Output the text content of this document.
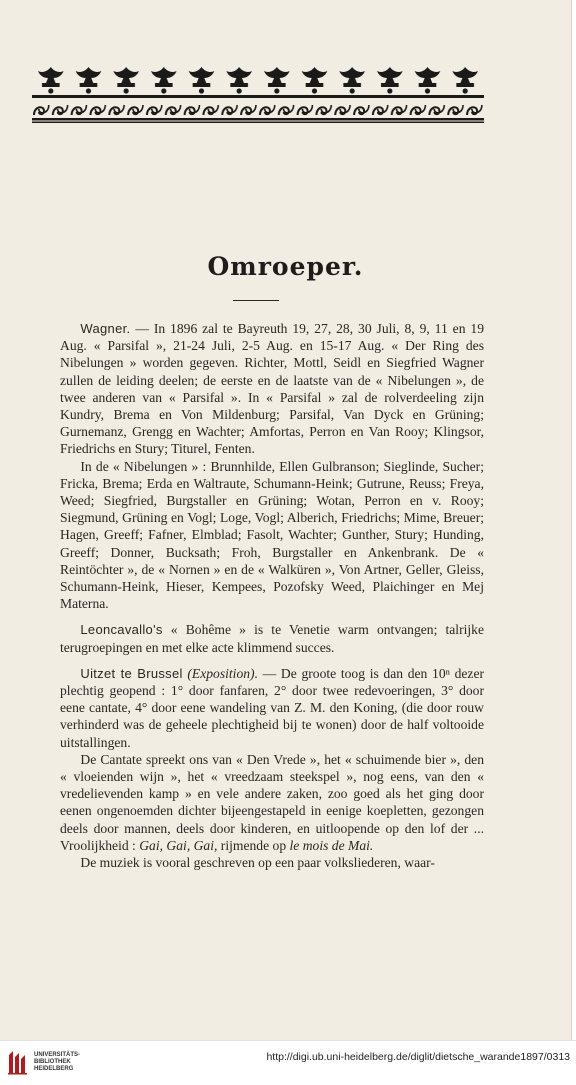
Omroeper.

Wagner. — In 1896 zal te Bayreuth 19, 27, 28, 30 Juli, 8, 9, 11 en 19 Aug. « Parsifal », 21-24 Juli, 2-5 Aug. en 15-17 Aug. « Der Ring des Nibelungen » worden gegeven. Richter, Mottl, Seidl en Siegfried Wagner zullen de leiding deelen; de eerste en de laatste van de « Nibelungen », de twee anderen van « Parsifal ». In « Parsifal » zal de rolverdeeling zijn Kundry, Brema en Von Mildenburg; Parsifal, Van Dyck en Grüning; Gurnemanz, Grengg en Wachter; Amfortas, Perron en Van Rooy; Klingsor, Friedrichs en Stury; Titurel, Fenten.

In de « Nibelungen » : Brunnhilde, Ellen Gulbranson; Sieglinde, Sucher; Fricka, Brema; Erda en Waltraute, Schumann-Heink; Gutrune, Reuss; Freya, Weed; Siegfried, Burgstaller en Grüning; Wotan, Perron en v. Rooy; Siegmund, Grüning en Vogl; Loge, Vogl; Alberich, Friedrichs; Mime, Breuer; Hagen, Greeff; Fafner, Elmblad; Fasolt, Wachter; Gunther, Stury; Hunding, Greeff; Donner, Bucksath; Froh, Burgstaller en Ankenbrank. De « Reintöchter », de « Nornen » en de « Walküren », Von Artner, Geller, Gleiss, Schumann-Heink, Hieser, Kempees, Pozofsky Weed, Plaichinger en Mej Materna.

Leoncavallo's « Bohême » is te Venetie warm ontvangen; talrijke terugroepingen en met elke acte klimmend succes.

Uitzet te Brussel (Exposition). — De groote toog is dan den 10ⁿ dezer plechtig geopend : 1° door fanfaren, 2° door twee redevoeringen, 3° door eene cantate, 4° door eene wandeling van Z. M. den Koning, (die door rouw verhinderd was de geheele plechtigheid bij te wonen) door de half voltooide uitstallingen.

De Cantate spreekt ons van « Den Vrede », het « schuimende bier », den « vloeienden wijn », het « vreedzaam steekspel », nog eens, van den « vredelievenden kamp » en vele andere zaken, zoo goed als het ging door eenen ongenoemden dichter bijeengestapeld in eenige koepletten, gezongen deels door mannen, deels door kinderen, en uitloopende op den lof der ... Vroolijkheid : Gai, Gai, Gai, rijmende op le mois de Mai.

De muziek is vooral geschreven op een paar volksliederen, waar-

UNIVERSITÄTS-
BIBLIOTHEK
HEIDELBERG
http://digi.ub.uni-heidelberg.de/diglit/dietsche_warande1897/0313
